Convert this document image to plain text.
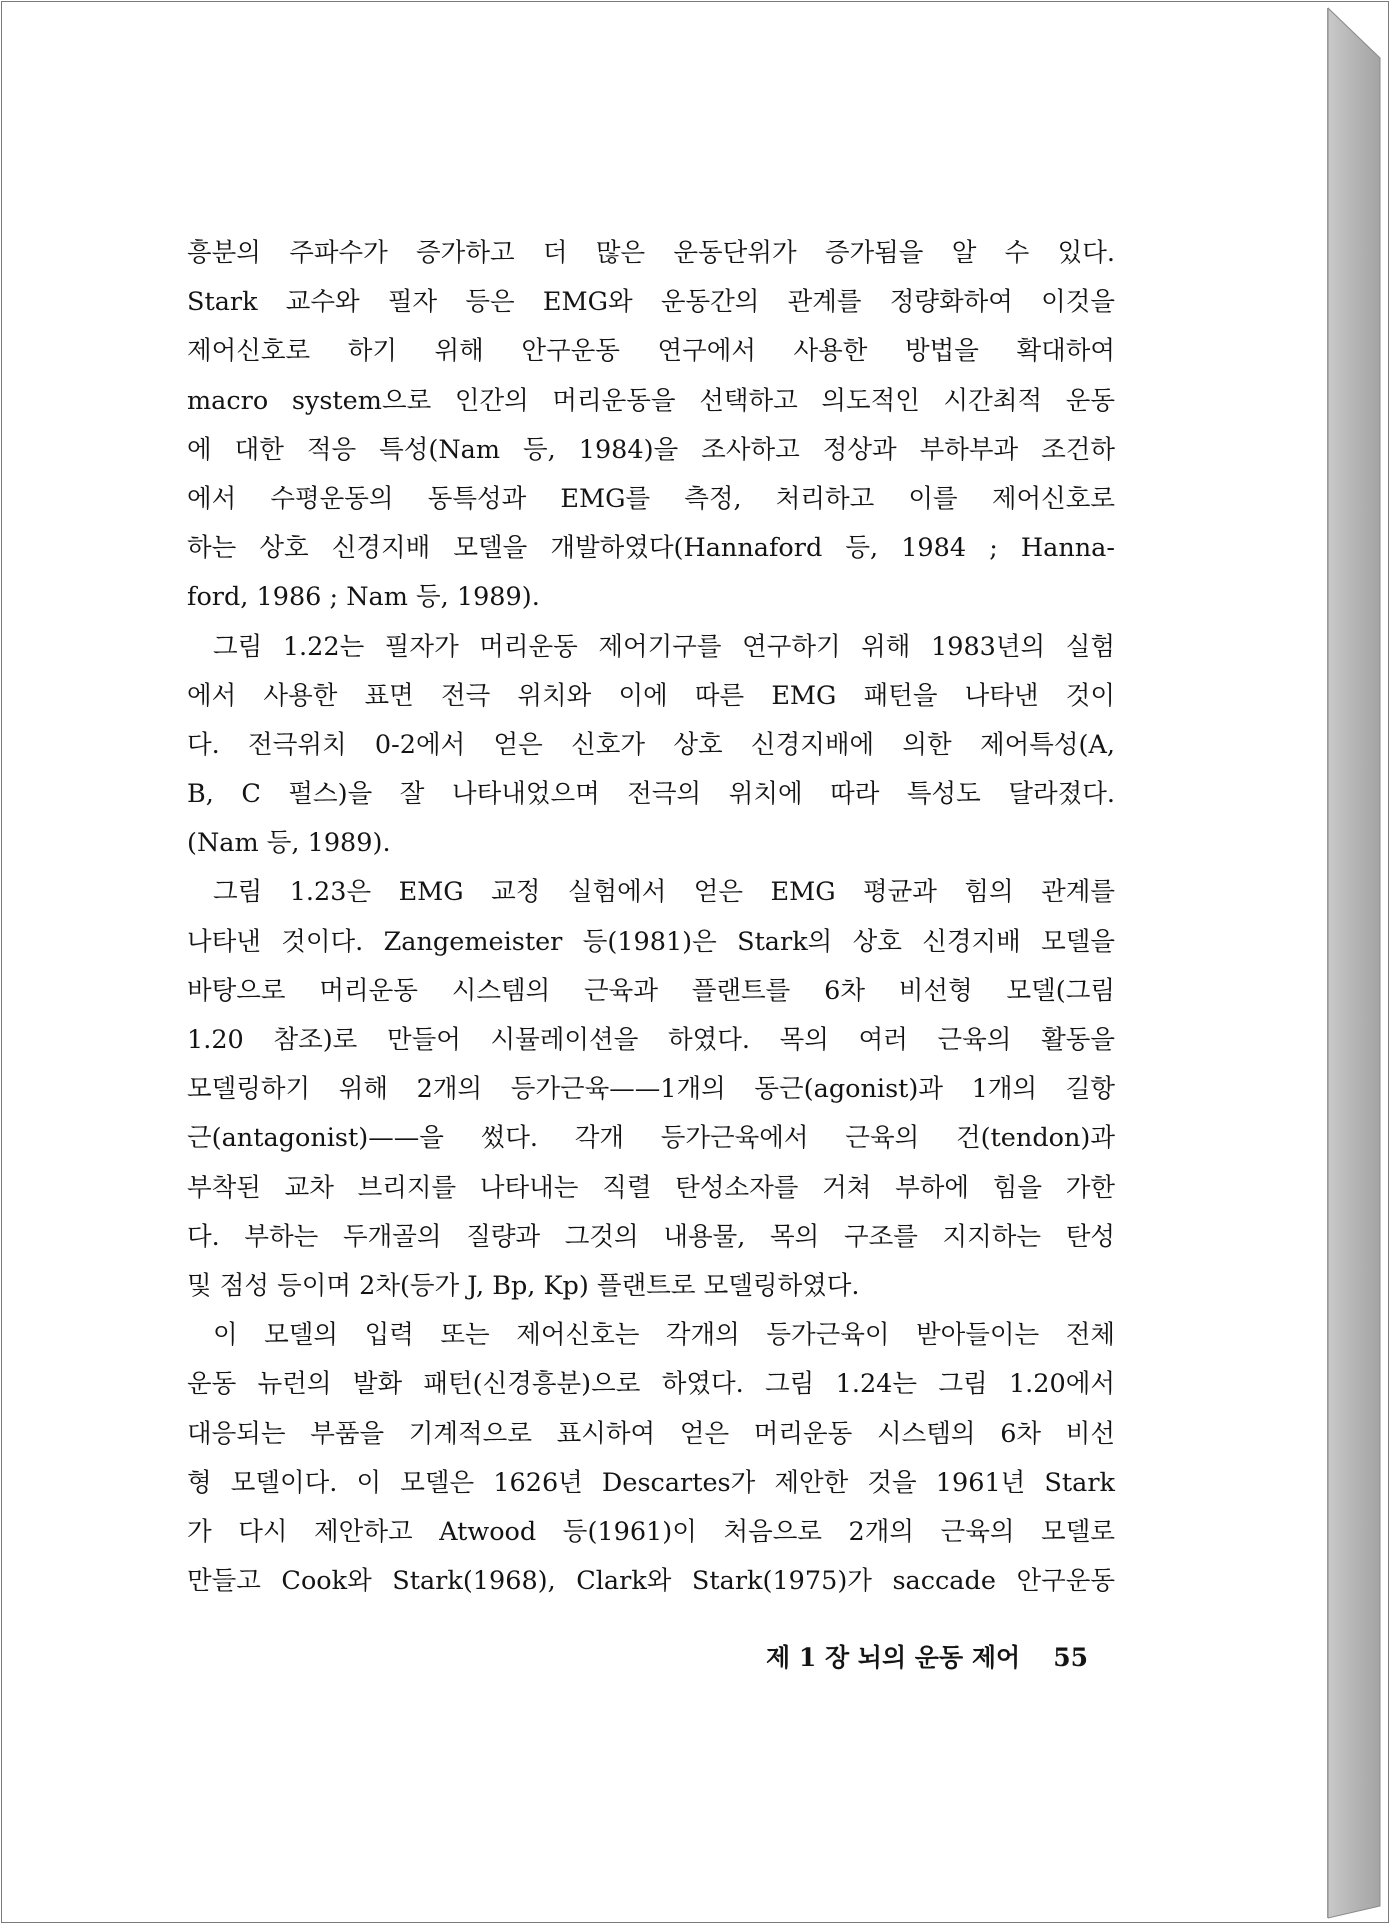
흥분의 주파수가 증가하고 더 많은 운동단위가 증가됨을 알 수 있다.
Stark 교수와 필자 등은 EMG와 운동간의 관계를 정량화하여 이것을
제어신호로 하기 위해 안구운동 연구에서 사용한 방법을 확대하여
macro system으로 인간의 머리운동을 선택하고 의도적인 시간최적 운동
에 대한 적응 특성(Nam 등, 1984)을 조사하고 정상과 부하부과 조건하
에서 수평운동의 동특성과 EMG를 측정, 처리하고 이를 제어신호로
하는 상호 신경지배 모델을 개발하였다(Hannaford 등, 1984 ; Hanna-
ford, 1986 ; Nam 등, 1989).
그림 1.22는 필자가 머리운동 제어기구를 연구하기 위해 1983년의 실험
에서 사용한 표면 전극 위치와 이에 따른 EMG 패턴을 나타낸 것이
다. 전극위치 0-2에서 얻은 신호가 상호 신경지배에 의한 제어특성(A,
B, C 펄스)을 잘 나타내었으며 전극의 위치에 따라 특성도 달라졌다.
(Nam 등, 1989).
그림 1.23은 EMG 교정 실험에서 얻은 EMG 평균과 힘의 관계를
나타낸 것이다. Zangemeister 등(1981)은 Stark의 상호 신경지배 모델을
바탕으로 머리운동 시스템의 근육과 플랜트를 6차 비선형 모델(그림
1.20 참조)로 만들어 시뮬레이션을 하였다. 목의 여러 근육의 활동을
모델링하기 위해 2개의 등가근육——1개의 동근(agonist)과 1개의 길항
근(antagonist)——을 썼다. 각개 등가근육에서 근육의 건(tendon)과
부착된 교차 브리지를 나타내는 직렬 탄성소자를 거쳐 부하에 힘을 가한
다. 부하는 두개골의 질량과 그것의 내용물, 목의 구조를 지지하는 탄성
및 점성 등이며 2차(등가 J, Bp, Kp) 플랜트로 모델링하였다.
이 모델의 입력 또는 제어신호는 각개의 등가근육이 받아들이는 전체
운동 뉴런의 발화 패턴(신경흥분)으로 하였다. 그림 1.24는 그림 1.20에서
대응되는 부품을 기계적으로 표시하여 얻은 머리운동 시스템의 6차 비선
형 모델이다. 이 모델은 1626년 Descartes가 제안한 것을 1961년 Stark
가 다시 제안하고 Atwood 등(1961)이 처음으로 2개의 근육의 모델로
만들고 Cook와 Stark(1968), Clark와 Stark(1975)가 saccade 안구운동
제 1 장 뇌의 운동 제어 55
